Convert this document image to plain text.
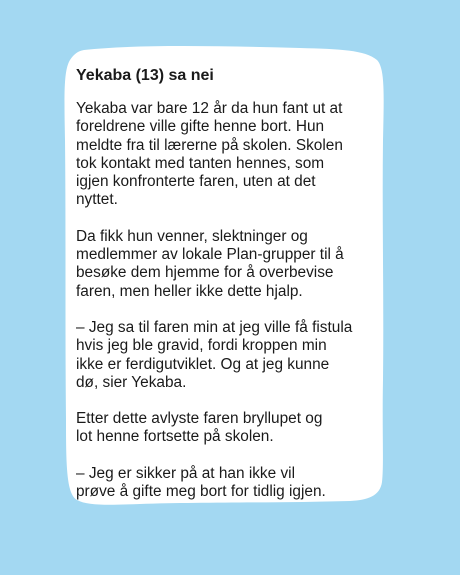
Yekaba (13) sa nei

Yekaba var bare 12 år da hun fant ut at
foreldrene ville gifte henne bort. Hun
meldte fra til lærerne på skolen. Skolen
tok kontakt med tanten hennes, som
igjen konfronterte faren, uten at det
nyttet.

Da fikk hun venner, slektninger og
medlemmer av lokale Plan-grupper til å
besøke dem hjemme for å overbevise
faren, men heller ikke dette hjalp.

– Jeg sa til faren min at jeg ville få fistula
hvis jeg ble gravid, fordi kroppen min
ikke er ferdigutviklet. Og at jeg kunne
dø, sier Yekaba.

Etter dette avlyste faren bryllupet og
lot henne fortsette på skolen.

– Jeg er sikker på at han ikke vil
prøve å gifte meg bort for tidlig igjen.
